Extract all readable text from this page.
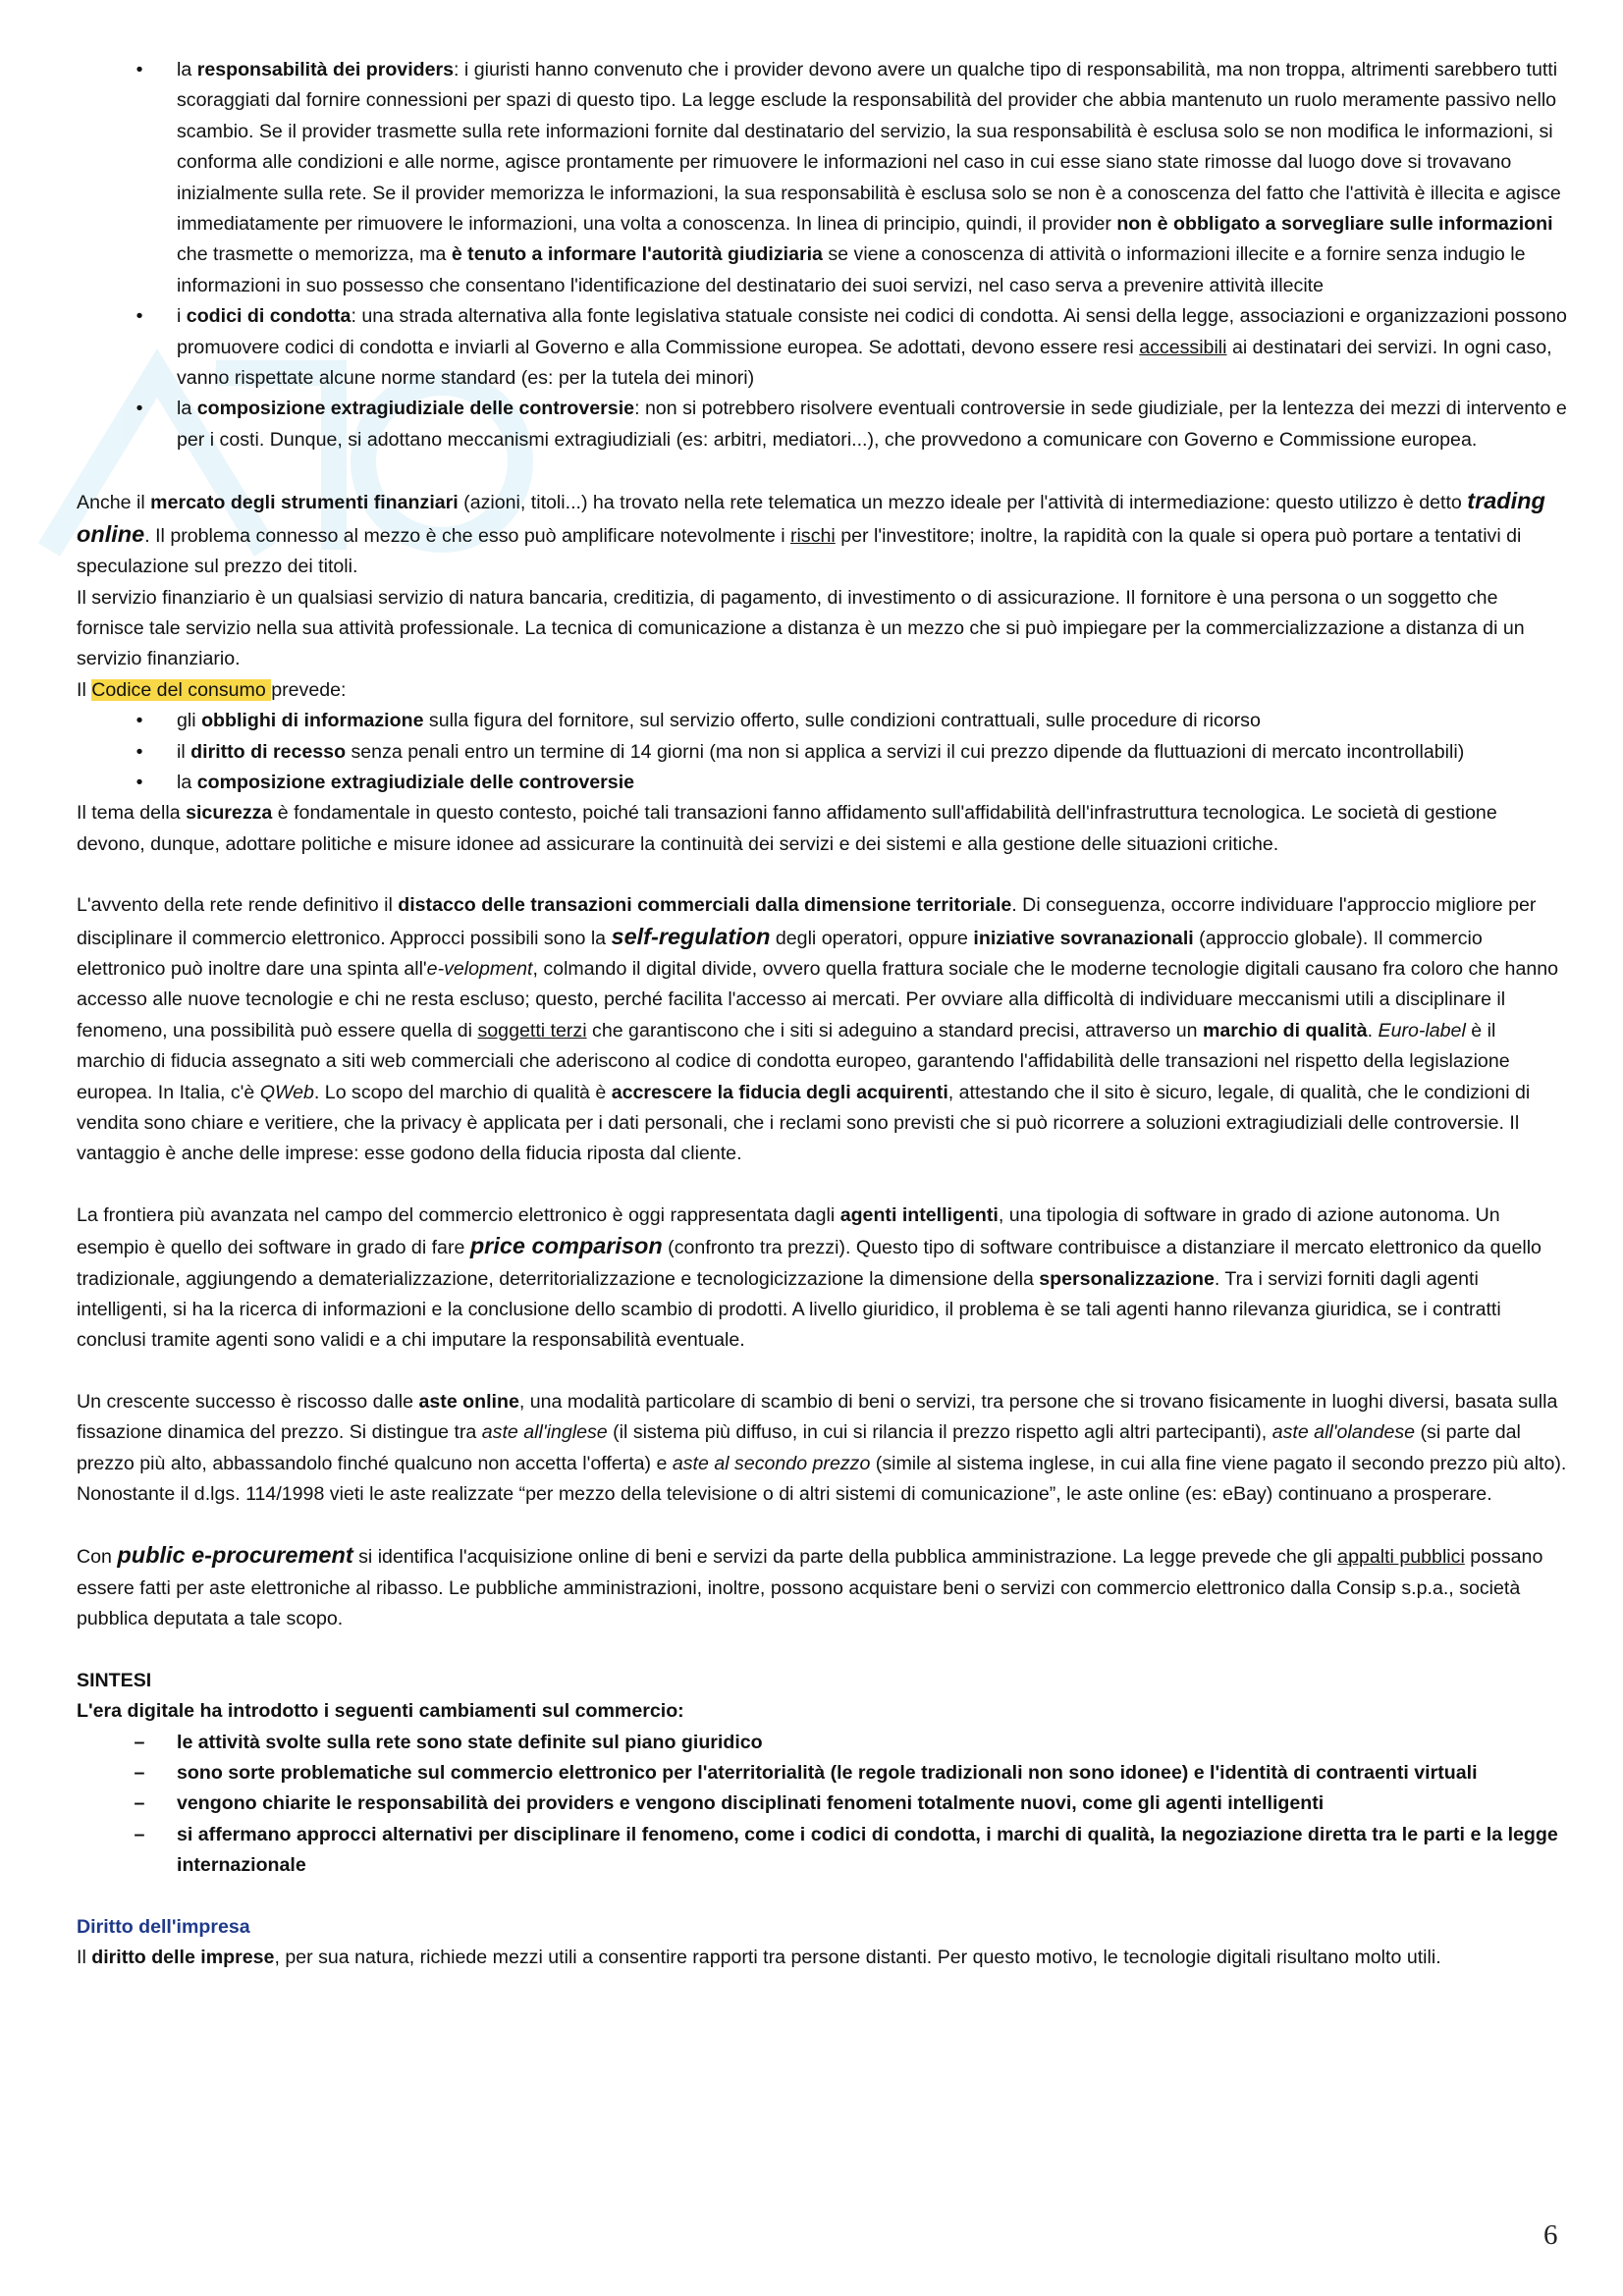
•	la responsabilità dei providers: i giuristi hanno convenuto che i provider devono avere un qualche tipo di responsabilità, ma non troppa, altrimenti sarebbero tutti scoraggiati dal fornire connessioni per spazi di questo tipo. La legge esclude la responsabilità del provider che abbia mantenuto un ruolo meramente passivo nello scambio. Se il provider trasmette sulla rete informazioni fornite dal destinatario del servizio, la sua responsabilità è esclusa solo se non modifica le informazioni, si conforma alle condizioni e alle norme, agisce prontamente per rimuovere le informazioni nel caso in cui esse siano state rimosse dal luogo dove si trovavano inizialmente sulla rete. Se il provider memorizza le informazioni, la sua responsabilità è esclusa solo se non è a conoscenza del fatto che l'attività è illecita e agisce immediatamente per rimuovere le informazioni, una volta a conoscenza. In linea di principio, quindi, il provider non è obbligato a sorvegliare sulle informazioni che trasmette o memorizza, ma è tenuto a informare l'autorità giudiziaria se viene a conoscenza di attività o informazioni illecite e a fornire senza indugio le informazioni in suo possesso che consentano l'identificazione del destinatario dei suoi servizi, nel caso serva a prevenire attività illecite
•	i codici di condotta: una strada alternativa alla fonte legislativa statuale consiste nei codici di condotta. Ai sensi della legge, associazioni e organizzazioni possono promuovere codici di condotta e inviarli al Governo e alla Commissione europea. Se adottati, devono essere resi accessibili ai destinatari dei servizi. In ogni caso, vanno rispettate alcune norme standard (es: per la tutela dei minori)
•	la composizione extragiudiziale delle controversie: non si potrebbero risolvere eventuali controversie in sede giudiziale, per la lentezza dei mezzi di intervento e per i costi. Dunque, si adottano meccanismi extragiudiziali (es: arbitri, mediatori...), che provvedono a comunicare con Governo e Commissione europea.

Anche il mercato degli strumenti finanziari (azioni, titoli...) ha trovato nella rete telematica un mezzo ideale per l'attività di intermediazione: questo utilizzo è detto trading online. Il problema connesso al mezzo è che esso può amplificare notevolmente i rischi per l'investitore; inoltre, la rapidità con la quale si opera può portare a tentativi di speculazione sul prezzo dei titoli.

Il servizio finanziario è un qualsiasi servizio di natura bancaria, creditizia, di pagamento, di investimento o di assicurazione. Il fornitore è una persona o un soggetto che fornisce tale servizio nella sua attività professionale. La tecnica di comunicazione a distanza è un mezzo che si può impiegare per la commercializzazione a distanza di un servizio finanziario.

Il Codice del consumo prevede:

•	gli obblighi di informazione sulla figura del fornitore, sul servizio offerto, sulle condizioni contrattuali, sulle procedure di ricorso
•	il diritto di recesso senza penali entro un termine di 14 giorni (ma non si applica a servizi il cui prezzo dipende da fluttuazioni di mercato incontrollabili)
•	la composizione extragiudiziale delle controversie

Il tema della sicurezza è fondamentale in questo contesto, poiché tali transazioni fanno affidamento sull'affidabilità dell'infrastruttura tecnologica. Le società di gestione devono, dunque, adottare politiche e misure idonee ad assicurare la continuità dei servizi e dei sistemi e alla gestione delle situazioni critiche.

L'avvento della rete rende definitivo il distacco delle transazioni commerciali dalla dimensione territoriale. Di conseguenza, occorre individuare l'approccio migliore per disciplinare il commercio elettronico. Approcci possibili sono la self-regulation degli operatori, oppure iniziative sovranazionali (approccio globale). Il commercio elettronico può inoltre dare una spinta all'e-velopment, colmando il digital divide, ovvero quella frattura sociale che le moderne tecnologie digitali causano fra coloro che hanno accesso alle nuove tecnologie e chi ne resta escluso; questo, perché facilita l'accesso ai mercati. Per ovviare alla difficoltà di individuare meccanismi utili a disciplinare il fenomeno, una possibilità può essere quella di soggetti terzi che garantiscono che i siti si adeguino a standard precisi, attraverso un marchio di qualità. Euro-label è il marchio di fiducia assegnato a siti web commerciali che aderiscono al codice di condotta europeo, garantendo l'affidabilità delle transazioni nel rispetto della legislazione europea. In Italia, c'è QWeb. Lo scopo del marchio di qualità è accrescere la fiducia degli acquirenti, attestando che il sito è sicuro, legale, di qualità, che le condizioni di vendita sono chiare e veritiere, che la privacy è applicata per i dati personali, che i reclami sono previsti che si può ricorrere a soluzioni extragiudiziali delle controversie. Il vantaggio è anche delle imprese: esse godono della fiducia riposta dal cliente.

La frontiera più avanzata nel campo del commercio elettronico è oggi rappresentata dagli agenti intelligenti, una tipologia di software in grado di azione autonoma. Un esempio è quello dei software in grado di fare price comparison (confronto tra prezzi). Questo tipo di software contribuisce a distanziare il mercato elettronico da quello tradizionale, aggiungendo a dematerializzazione, deterritorializzazione e tecnologicizzazione la dimensione della spersonalizzazione. Tra i servizi forniti dagli agenti intelligenti, si ha la ricerca di informazioni e la conclusione dello scambio di prodotti. A livello giuridico, il problema è se tali agenti hanno rilevanza giuridica, se i contratti conclusi tramite agenti sono validi e a chi imputare la responsabilità eventuale.

Un crescente successo è riscosso dalle aste online, una modalità particolare di scambio di beni o servizi, tra persone che si trovano fisicamente in luoghi diversi, basata sulla fissazione dinamica del prezzo. Si distingue tra aste all'inglese (il sistema più diffuso, in cui si rilancia il prezzo rispetto agli altri partecipanti), aste all'olandese (si parte dal prezzo più alto, abbassandolo finché qualcuno non accetta l'offerta) e aste al secondo prezzo (simile al sistema inglese, in cui alla fine viene pagato il secondo prezzo più alto). Nonostante il d.lgs. 114/1998 vieti le aste realizzate “per mezzo della televisione o di altri sistemi di comunicazione”, le aste online (es: eBay) continuano a prosperare.

Con public e-procurement si identifica l'acquisizione online di beni e servizi da parte della pubblica amministrazione. La legge prevede che gli appalti pubblici possano essere fatti per aste elettroniche al ribasso. Le pubbliche amministrazioni, inoltre, possono acquistare beni o servizi con commercio elettronico dalla Consip s.p.a., società pubblica deputata a tale scopo.

SINTESI

L'era digitale ha introdotto i seguenti cambiamenti sul commercio:

– le attività svolte sulla rete sono state definite sul piano giuridico
– sono sorte problematiche sul commercio elettronico per l'aterritorialità (le regole tradizionali non sono idonee) e l'identità di contraenti virtuali
– vengono chiarite le responsabilità dei providers e vengono disciplinati fenomeni totalmente nuovi, come gli agenti intelligenti
– si affermano approcci alternativi per disciplinare il fenomeno, come i codici di condotta, i marchi di qualità, la negoziazione diretta tra le parti e la legge internazionale

Diritto dell'impresa

Il diritto delle imprese, per sua natura, richiede mezzi utili a consentire rapporti tra persone distanti. Per questo motivo, le tecnologie digitali risultano molto utili.

6
